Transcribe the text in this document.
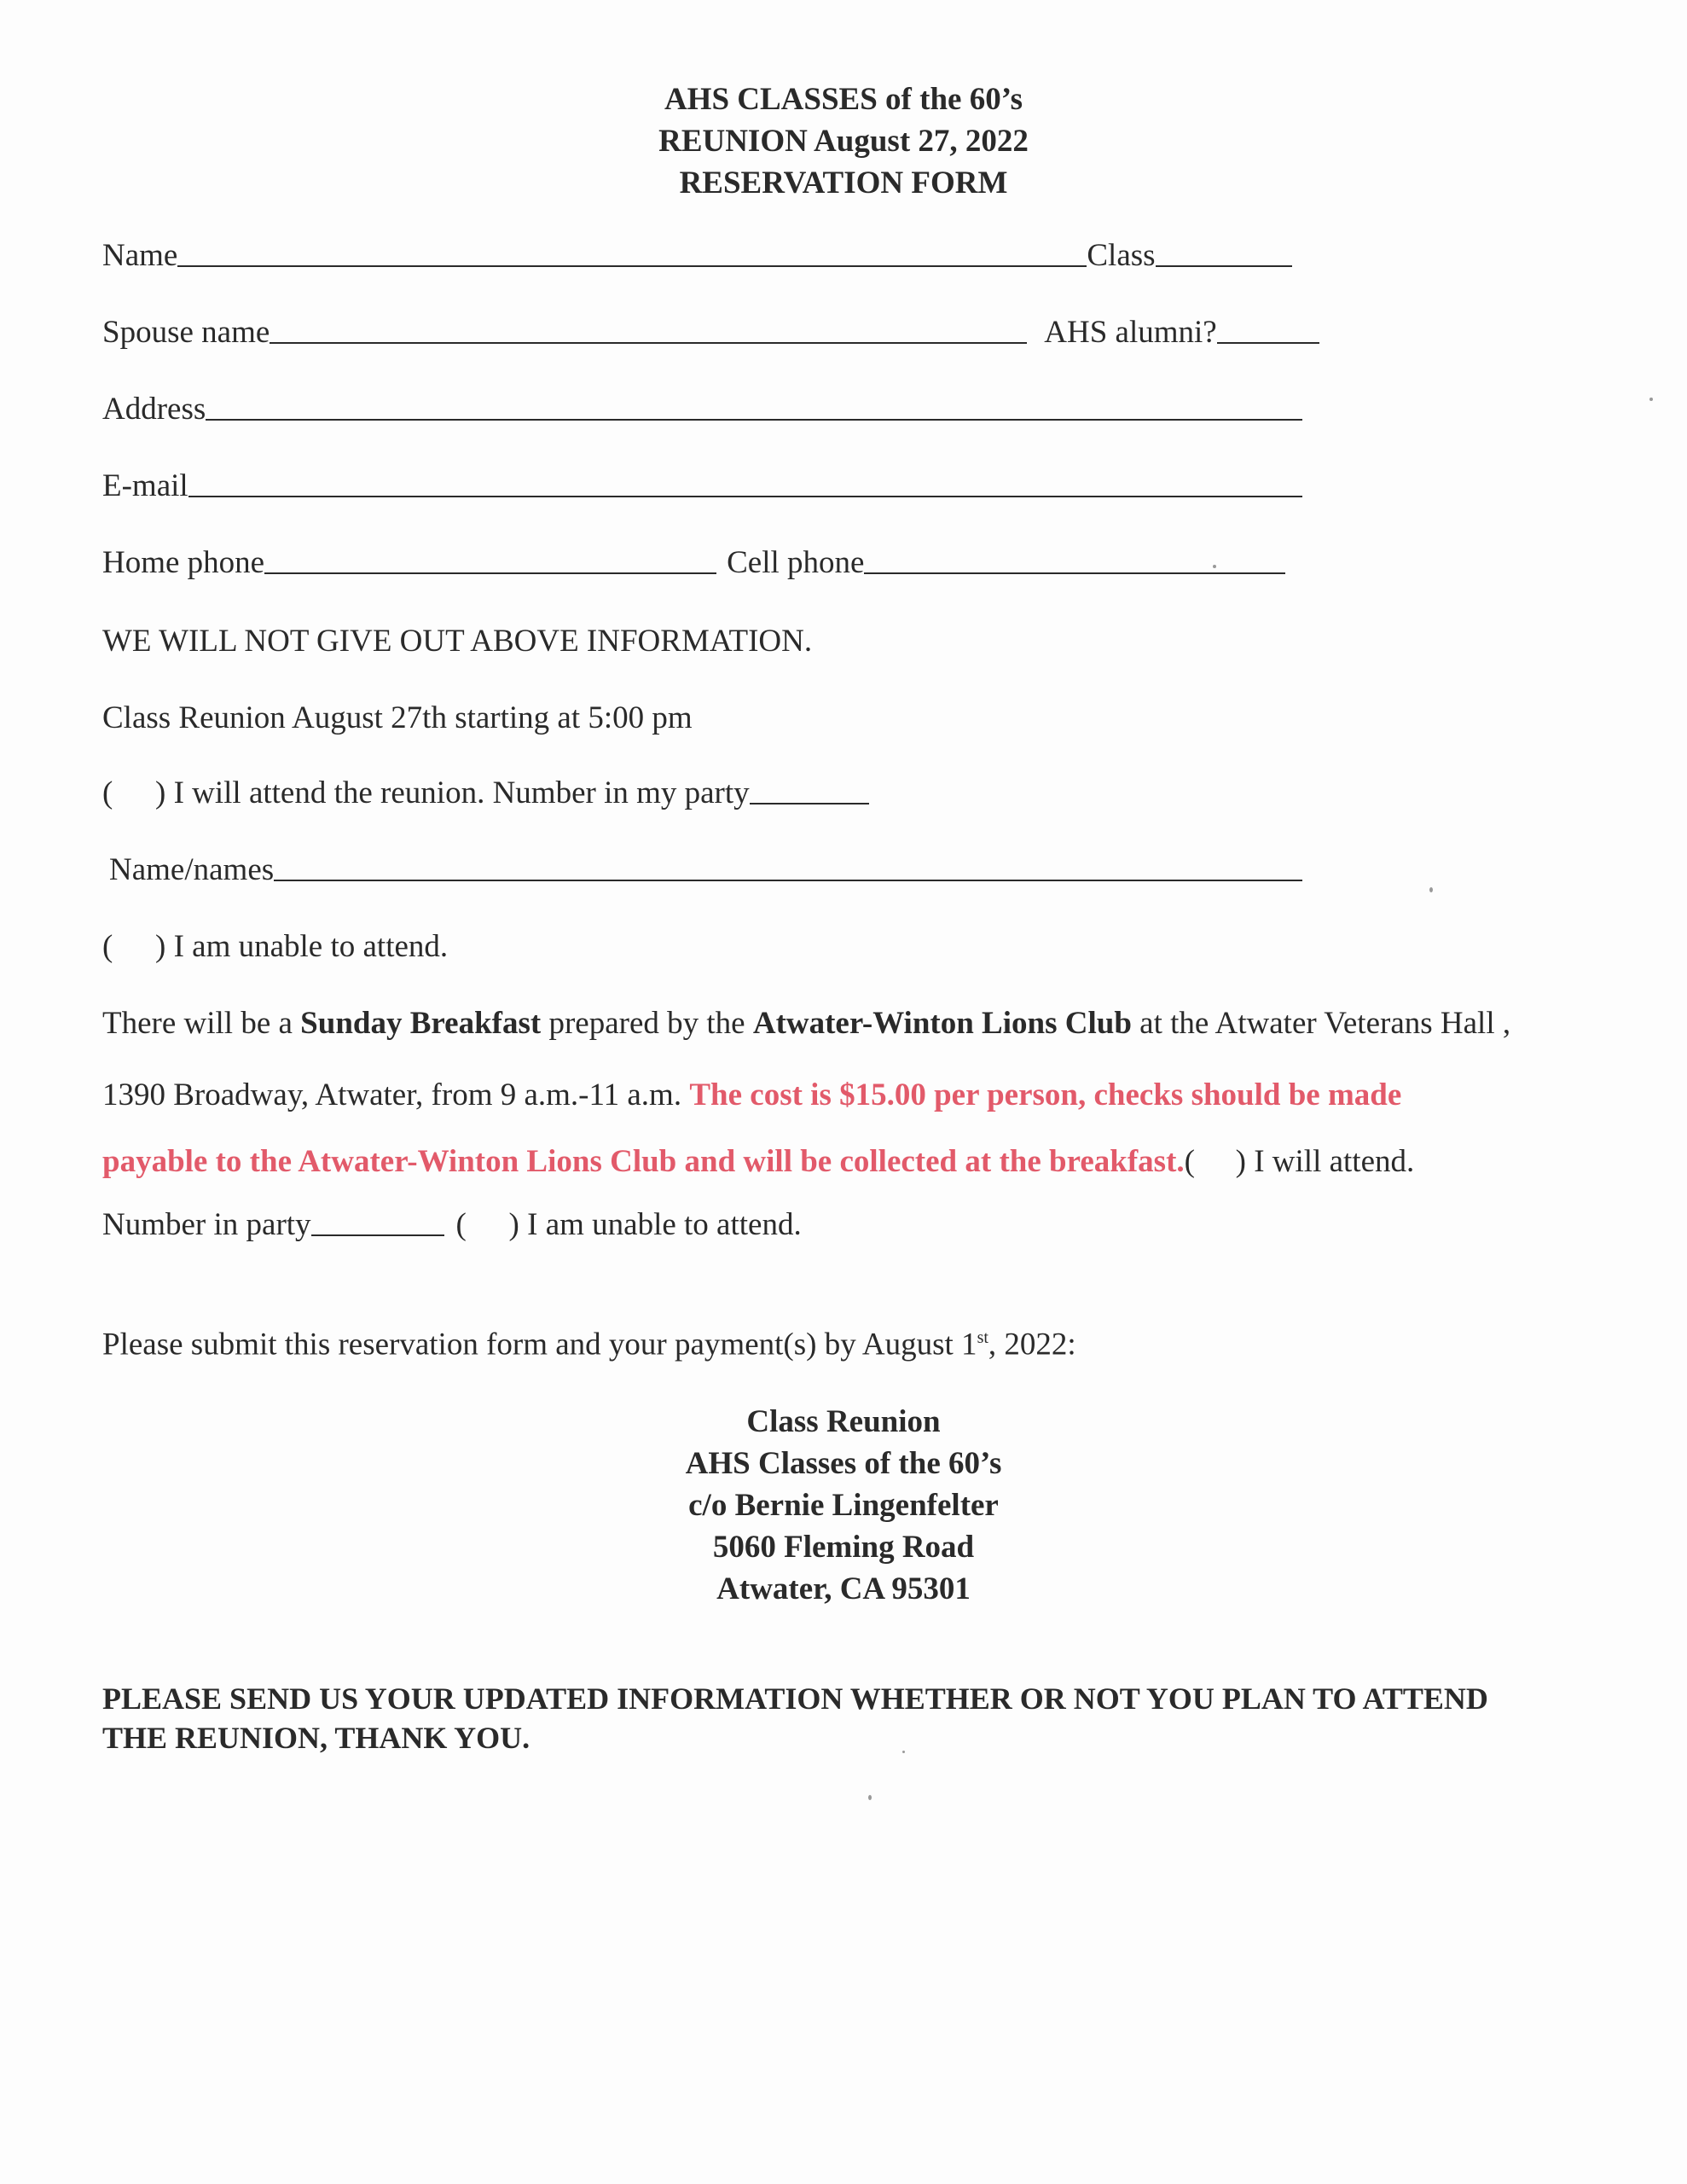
AHS CLASSES of the 60’s
REUNION August 27, 2022
RESERVATION FORM
Name	Class
Spouse name	AHS alumni?
Address
E-mail
Home phone	Cell phone
WE WILL NOT GIVE OUT ABOVE INFORMATION.
Class Reunion August 27th starting at 5:00 pm
(	) I will attend the reunion. Number in my party
Name/names
(	) I am unable to attend.
There will be a Sunday Breakfast prepared by the Atwater-Winton Lions Club at the Atwater Veterans Hall ,
1390 Broadway, Atwater, from 9 a.m.-11 a.m. The cost is $15.00 per person, checks should be made
payable to the Atwater-Winton Lions Club and will be collected at the breakfast.( ) I will attend.
Number in party	(	) I am unable to attend.
Please submit this reservation form and your payment(s) by August 1st, 2022:
Class Reunion
AHS Classes of the 60’s
c/o Bernie Lingenfelter
5060 Fleming Road
Atwater, CA 95301
PLEASE SEND US YOUR UPDATED INFORMATION WHETHER OR NOT YOU PLAN TO ATTEND THE REUNION, THANK YOU.
